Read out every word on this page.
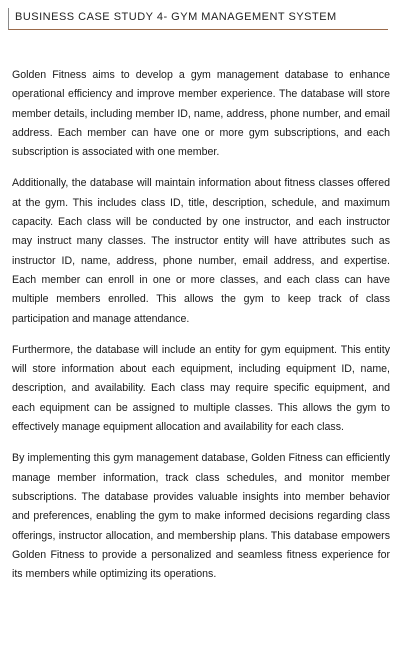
BUSINESS CASE STUDY 4- GYM MANAGEMENT SYSTEM

Golden Fitness aims to develop a gym management database to enhance operational efficiency and improve member experience. The database will store member details, including member ID, name, address, phone number, and email address. Each member can have one or more gym subscriptions, and each subscription is associated with one member.

Additionally, the database will maintain information about fitness classes offered at the gym. This includes class ID, title, description, schedule, and maximum capacity. Each class will be conducted by one instructor, and each instructor may instruct many classes. The instructor entity will have attributes such as instructor ID, name, address, phone number, email address, and expertise. Each member can enroll in one or more classes, and each class can have multiple members enrolled. This allows the gym to keep track of class participation and manage attendance.

Furthermore, the database will include an entity for gym equipment. This entity will store information about each equipment, including equipment ID, name, description, and availability. Each class may require specific equipment, and each equipment can be assigned to multiple classes. This allows the gym to effectively manage equipment allocation and availability for each class.

By implementing this gym management database, Golden Fitness can efficiently manage member information, track class schedules, and monitor member subscriptions. The database provides valuable insights into member behavior and preferences, enabling the gym to make informed decisions regarding class offerings, instructor allocation, and membership plans. This database empowers Golden Fitness to provide a personalized and seamless fitness experience for its members while optimizing its operations.
